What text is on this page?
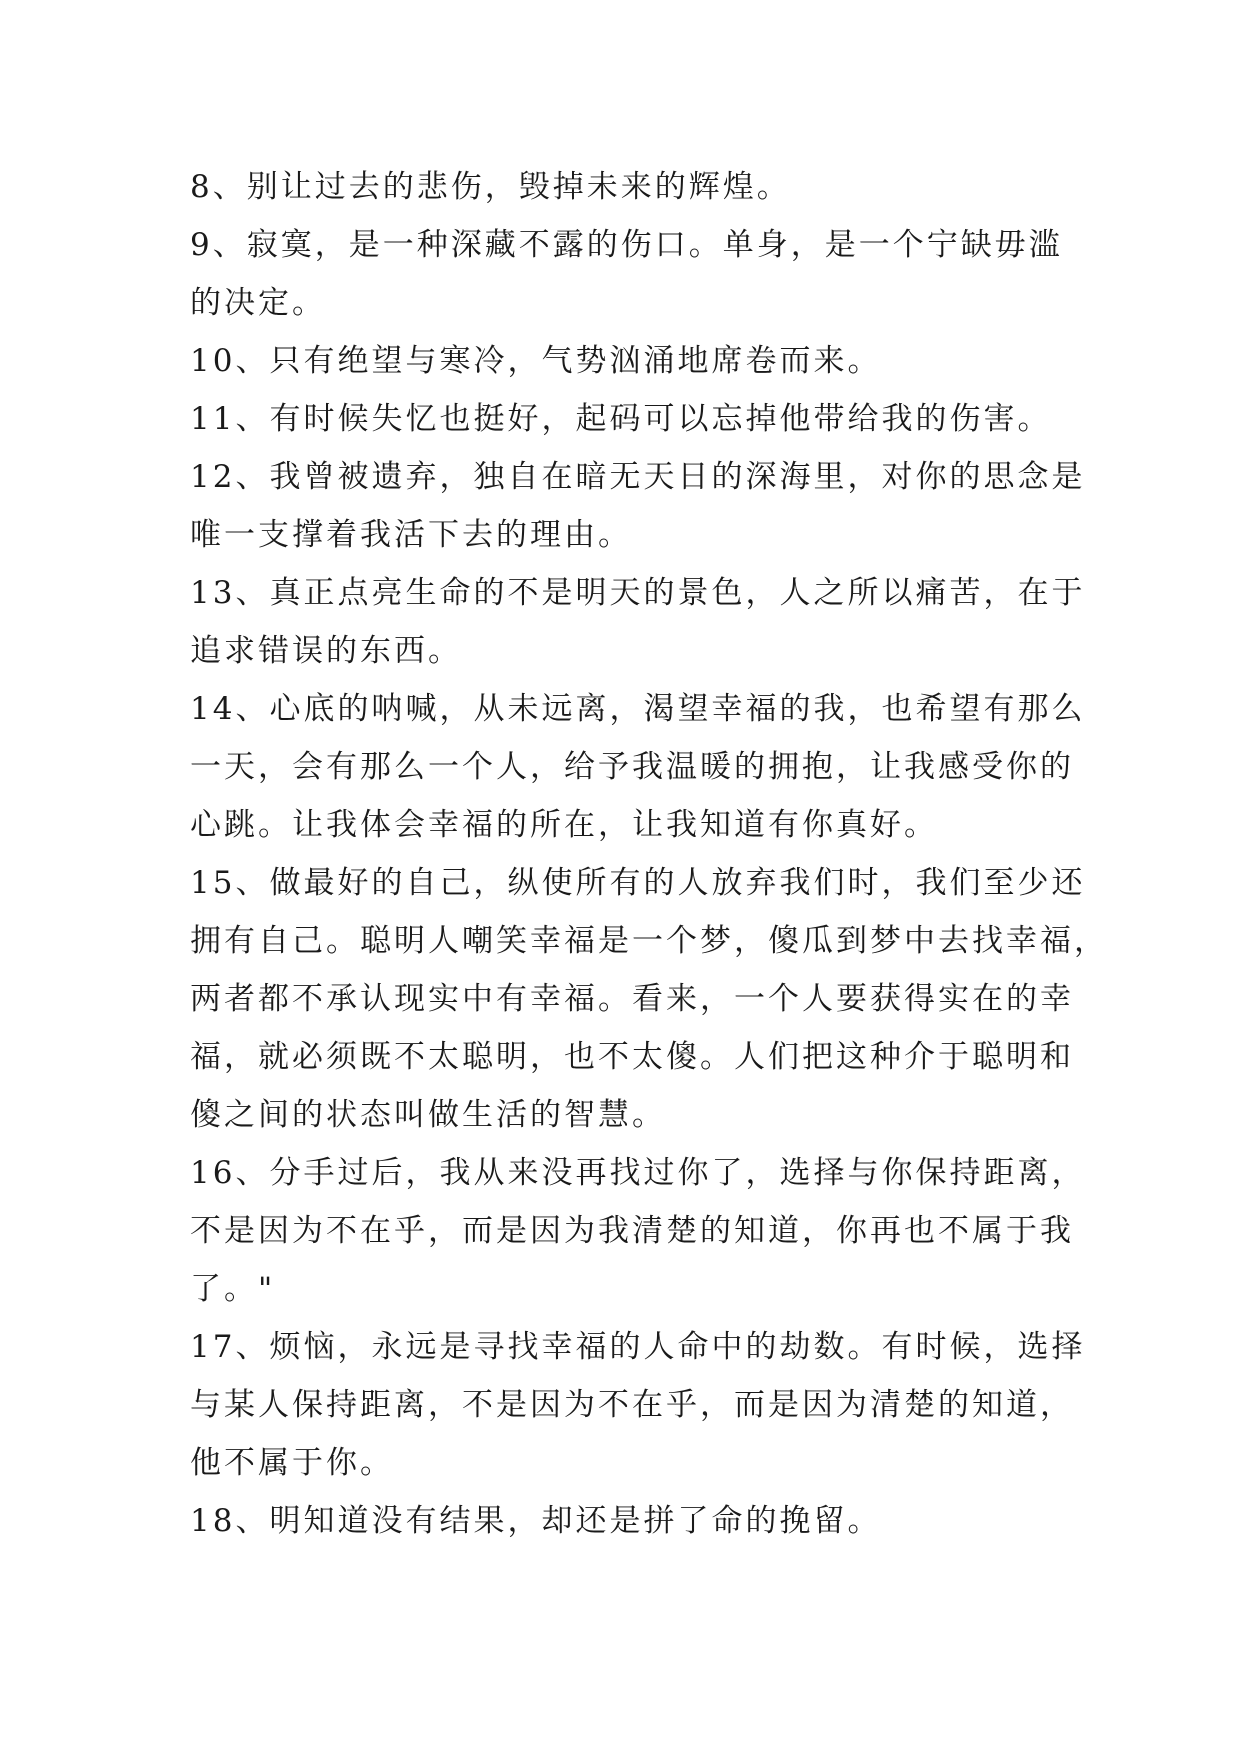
8、别让过去的悲伤，毁掉未来的辉煌。
9、寂寞，是一种深藏不露的伤口。单身，是一个宁缺毋滥
的决定。
10、只有绝望与寒冷，气势汹涌地席卷而来。
11、有时候失忆也挺好，起码可以忘掉他带给我的伤害。
12、我曾被遗弃，独自在暗无天日的深海里，对你的思念是
唯一支撑着我活下去的理由。
13、真正点亮生命的不是明天的景色，人之所以痛苦，在于
追求错误的东西。
14、心底的呐喊，从未远离，渴望幸福的我，也希望有那么
一天，会有那么一个人，给予我温暖的拥抱，让我感受你的
心跳。让我体会幸福的所在，让我知道有你真好。
15、做最好的自己，纵使所有的人放弃我们时，我们至少还
拥有自己。聪明人嘲笑幸福是一个梦，傻瓜到梦中去找幸福，
两者都不承认现实中有幸福。看来，一个人要获得实在的幸
福，就必须既不太聪明，也不太傻。人们把这种介于聪明和
傻之间的状态叫做生活的智慧。
16、分手过后，我从来没再找过你了，选择与你保持距离，
不是因为不在乎，而是因为我清楚的知道，你再也不属于我
了。"
17、烦恼，永远是寻找幸福的人命中的劫数。有时候，选择
与某人保持距离，不是因为不在乎，而是因为清楚的知道，
他不属于你。
18、明知道没有结果，却还是拼了命的挽留。
